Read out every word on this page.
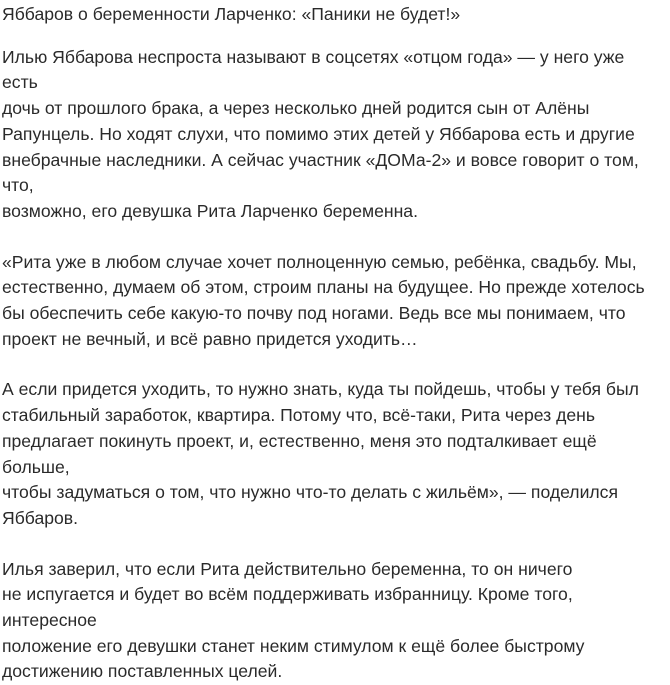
Яббаров о беременности Ларченко: «Паники не будет!»

Илью Яббарова неспроста называют в соцсетях «отцом года» — у него уже есть
дочь от прошлого брака, а через несколько дней родится сын от Алёны
Рапунцель. Но ходят слухи, что помимо этих детей у Яббарова есть и другие
внебрачные наследники. А сейчас участник «ДОМа-2» и вовсе говорит о том, что,
возможно, его девушка Рита Ларченко беременна.

«Рита уже в любом случае хочет полноценную семью, ребёнка, свадьбу. Мы,
естественно, думаем об этом, строим планы на будущее. Но прежде хотелось
бы обеспечить себе какую-то почву под ногами. Ведь все мы понимаем, что
проект не вечный, и всё равно придется уходить…

А если придется уходить, то нужно знать, куда ты пойдешь, чтобы у тебя был
стабильный заработок, квартира. Потому что, всё-таки, Рита через день
предлагает покинуть проект, и, естественно, меня это подталкивает ещё больше,
чтобы задуматься о том, что нужно что-то делать с жильём», — поделился
Яббаров.

Илья заверил, что если Рита действительно беременна, то он ничего
не испугается и будет во всём поддерживать избранницу. Кроме того, интересное
положение его девушки станет неким стимулом к ещё более быстрому
достижению поставленных целей.
